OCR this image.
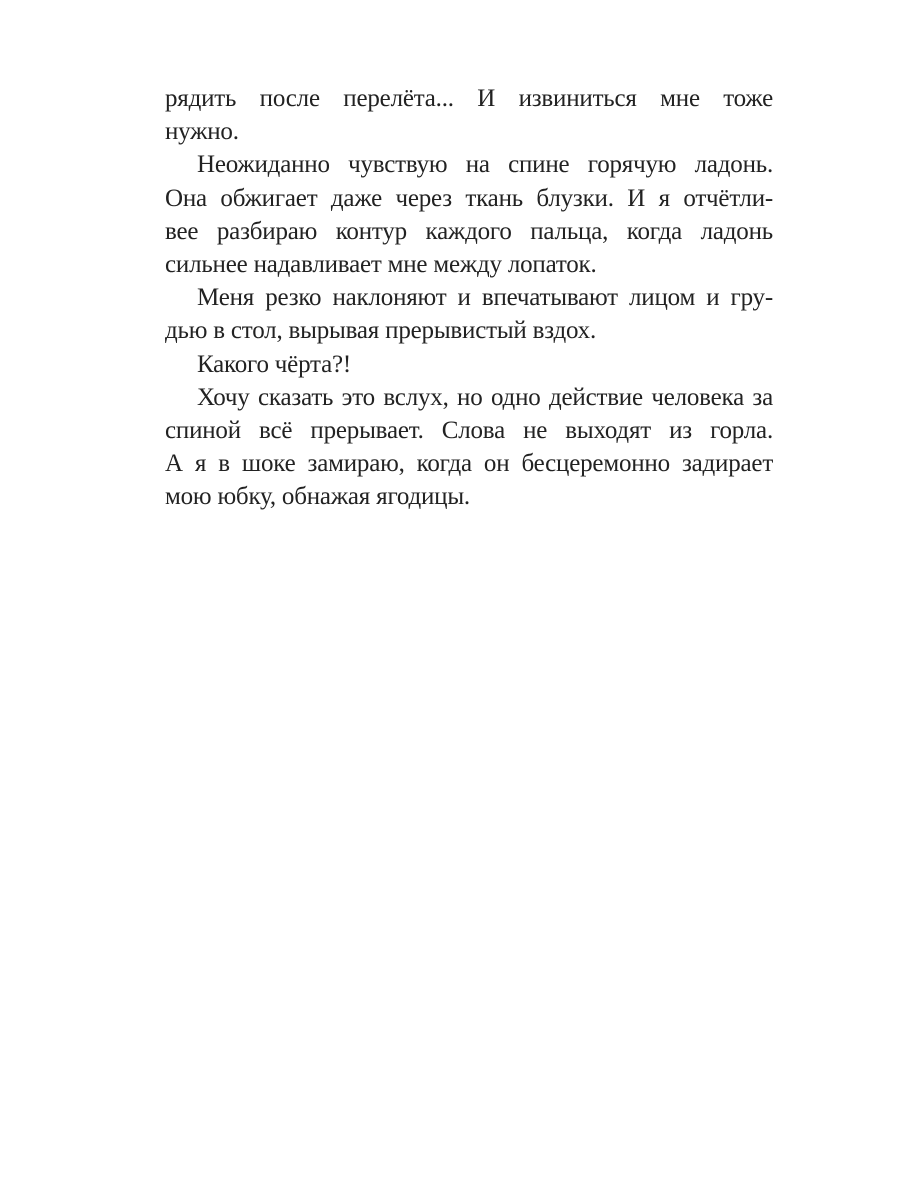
рядить после перелёта... И извиниться мне тоже
нужно.
Неожиданно чувствую на спине горячую ладонь.
Она обжигает даже через ткань блузки. И я отчётли-
вее разбираю контур каждого пальца, когда ладонь
сильнее надавливает мне между лопаток.
Меня резко наклоняют и впечатывают лицом и гру-
дью в стол, вырывая прерывистый вздох.
Какого чёрта?!
Хочу сказать это вслух, но одно действие человека за
спиной всё прерывает. Слова не выходят из горла.
А я в шоке замираю, когда он бесцеремонно задирает
мою юбку, обнажая ягодицы.
